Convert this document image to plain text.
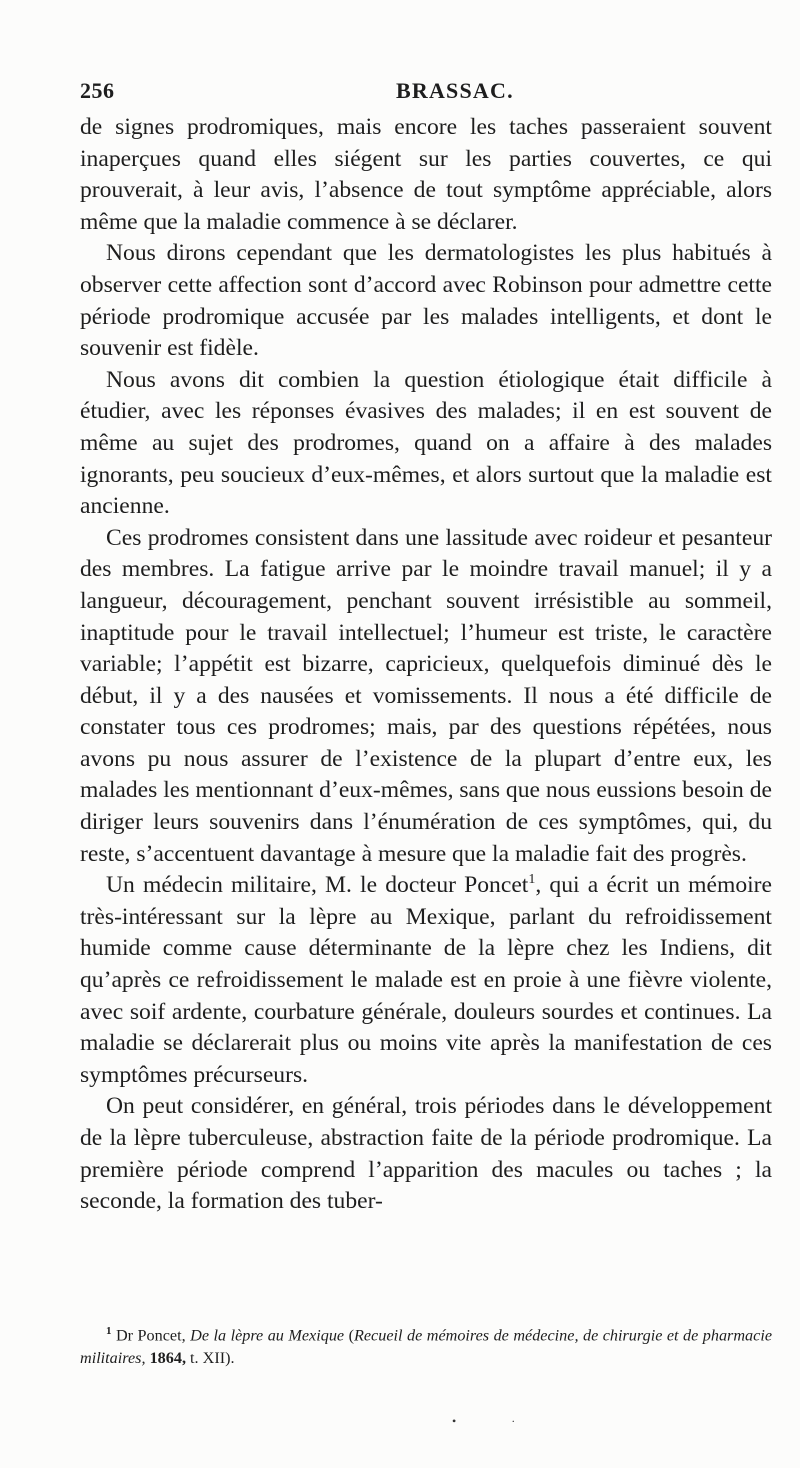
256	BRASSAC.

de signes prodromiques, mais encore les taches passeraient souvent inaperçues quand elles siégent sur les parties couvertes, ce qui prouverait, à leur avis, l’absence de tout symptôme appréciable, alors même que la maladie commence à se déclarer.

Nous dirons cependant que les dermatologistes les plus habitués à observer cette affection sont d’accord avec Robinson pour admettre cette période prodromique accusée par les malades intelligents, et dont le souvenir est fidèle.

Nous avons dit combien la question étiologique était difficile à étudier, avec les réponses évasives des malades; il en est souvent de même au sujet des prodromes, quand on a affaire à des malades ignorants, peu soucieux d’eux-mêmes, et alors surtout que la maladie est ancienne.

Ces prodromes consistent dans une lassitude avec roideur et pesanteur des membres. La fatigue arrive par le moindre travail manuel; il y a langueur, découragement, penchant souvent irrésistible au sommeil, inaptitude pour le travail intellectuel; l’humeur est triste, le caractère variable; l’appétit est bizarre, capricieux, quelquefois diminué dès le début, il y a des nausées et vomissements. Il nous a été difficile de constater tous ces prodromes; mais, par des questions répétées, nous avons pu nous assurer de l’existence de la plupart d’entre eux, les malades les mentionnant d’eux-mêmes, sans que nous eussions besoin de diriger leurs souvenirs dans l’énumération de ces symptômes, qui, du reste, s’accentuent davantage à mesure que la maladie fait des progrès.

Un médecin militaire, M. le docteur Poncet$^1$, qui a écrit un mémoire très-intéressant sur la lèpre au Mexique, parlant du refroidissement humide comme cause déterminante de la lèpre chez les Indiens, dit qu’après ce refroidissement le malade est en proie à une fièvre violente, avec soif ardente, courbature générale, douleurs sourdes et continues. La maladie se déclarerait plus ou moins vite après la manifestation de ces symptômes précurseurs.

On peut considérer, en général, trois périodes dans le développement de la lèpre tuberculeuse, abstraction faite de la période prodromique. La première période comprend l’apparition des macules ou taches ; la seconde, la formation des tuber-

$^1$ Dr Poncet, De la lèpre au Mexique (Recueil de mémoires de médecine, de chirurgie et de pharmacie militaires, 1864, t. XII).

• ·
